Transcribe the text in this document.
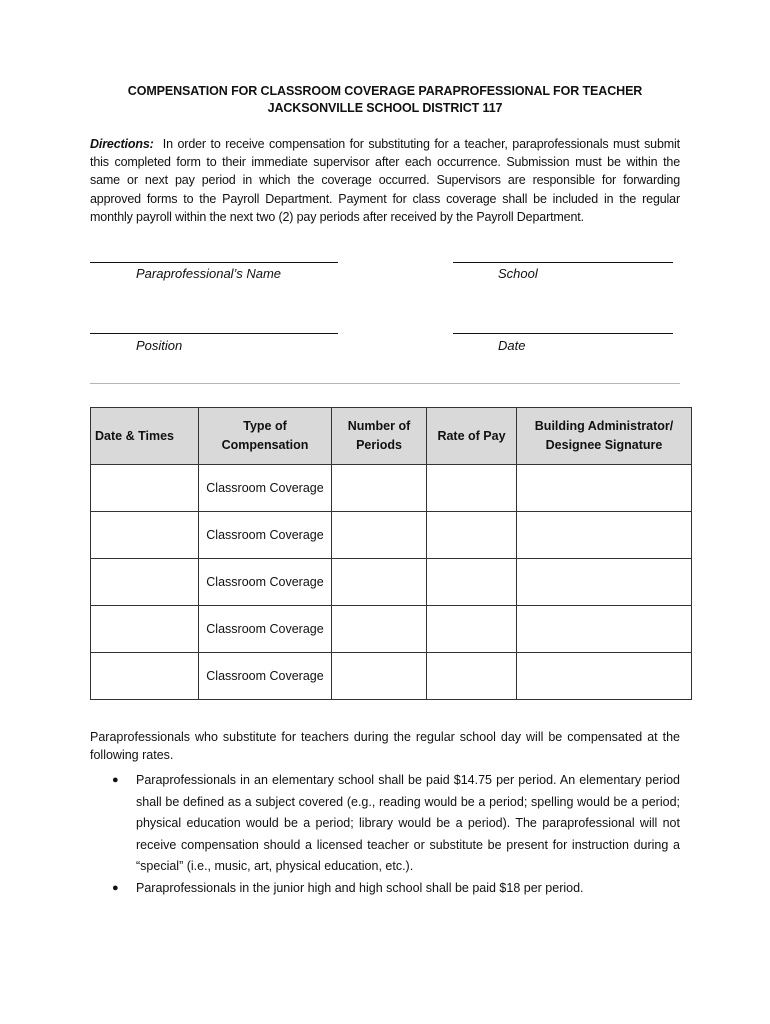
COMPENSATION FOR CLASSROOM COVERAGE PARAPROFESSIONAL FOR TEACHER
JACKSONVILLE SCHOOL DISTRICT 117
Directions: In order to receive compensation for substituting for a teacher, paraprofessionals must submit this completed form to their immediate supervisor after each occurrence. Submission must be within the same or next pay period in which the coverage occurred. Supervisors are responsible for forwarding approved forms to the Payroll Department. Payment for class coverage shall be included in the regular monthly payroll within the next two (2) pay periods after received by the Payroll Department.
Paraprofessional’s Name	School
Position	Date
Date & Times	Type of Compensation	Number of Periods	Rate of Pay	Building Administrator/ Designee Signature
	Classroom Coverage			
	Classroom Coverage			
	Classroom Coverage			
	Classroom Coverage			
	Classroom Coverage			
Paraprofessionals who substitute for teachers during the regular school day will be compensated at the following rates.
● Paraprofessionals in an elementary school shall be paid $14.75 per period. An elementary period shall be defined as a subject covered (e.g., reading would be a period; spelling would be a period; physical education would be a period; library would be a period). The paraprofessional will not receive compensation should a licensed teacher or substitute be present for instruction during a “special” (i.e., music, art, physical education, etc.).
● Paraprofessionals in the junior high and high school shall be paid $18 per period.
